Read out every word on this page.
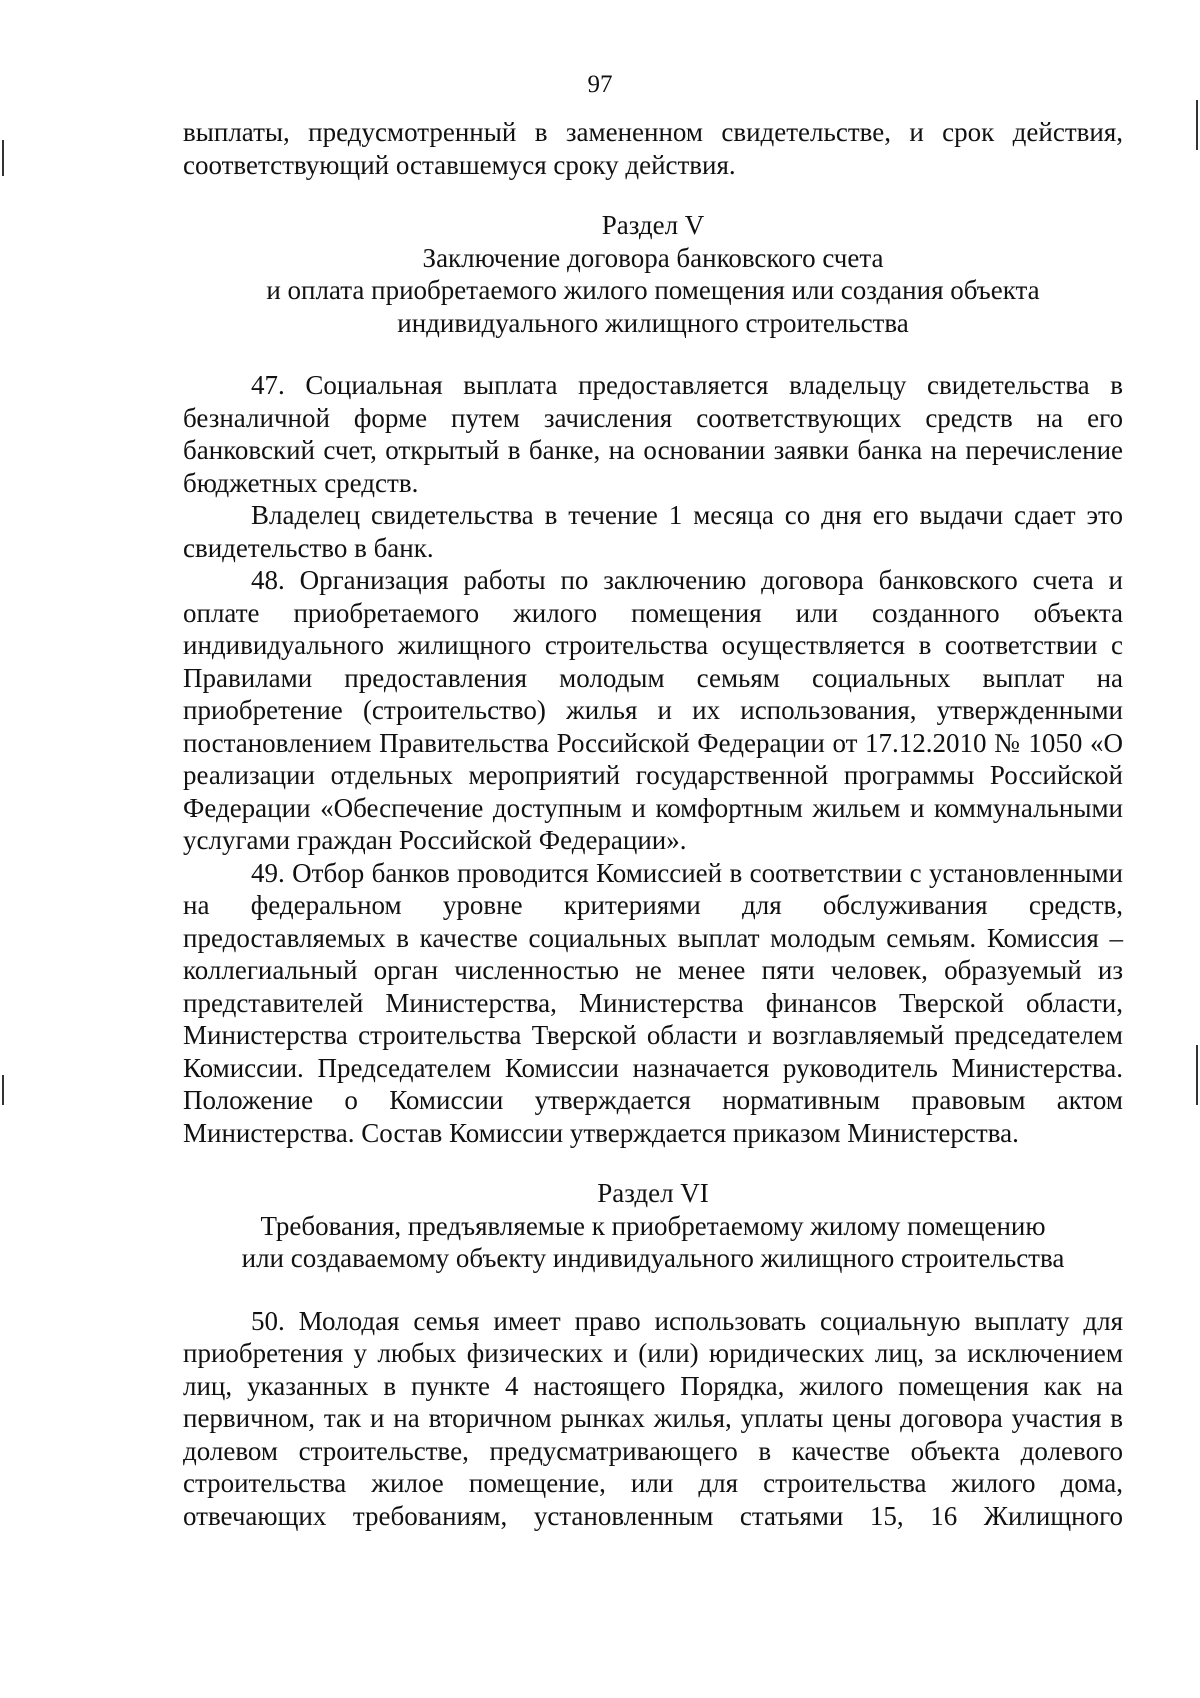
97

выплаты, предусмотренный в замененном свидетельстве, и срок действия, соответствующий оставшемуся сроку действия.

Раздел V

Заключение договора банковского счета

и оплата приобретаемого жилого помещения или создания объекта

индивидуального жилищного строительства

47. Социальная выплата предоставляется владельцу свидетельства в безналичной форме путем зачисления соответствующих средств на его банковский счет, открытый в банке, на основании заявки банка на перечисление бюджетных средств.

Владелец свидетельства в течение 1 месяца со дня его выдачи сдает это свидетельство в банк.

48. Организация работы по заключению договора банковского счета и оплате приобретаемого жилого помещения или созданного объекта индивидуального жилищного строительства осуществляется в соответствии с Правилами предоставления молодым семьям социальных выплат на приобретение (строительство) жилья и их использования, утвержденными постановлением Правительства Российской Федерации от 17.12.2010 № 1050 «О реализации отдельных мероприятий государственной программы Российской Федерации «Обеспечение доступным и комфортным жильем и коммунальными услугами граждан Российской Федерации».

49. Отбор банков проводится Комиссией в соответствии с установленными на федеральном уровне критериями для обслуживания средств, предоставляемых в качестве социальных выплат молодым семьям. Комиссия – коллегиальный орган численностью не менее пяти человек, образуемый из представителей Министерства, Министерства финансов Тверской области, Министерства строительства Тверской области и возглавляемый председателем Комиссии. Председателем Комиссии назначается руководитель Министерства. Положение о Комиссии утверждается нормативным правовым актом Министерства. Состав Комиссии утверждается приказом Министерства.

Раздел VI

Требования, предъявляемые к приобретаемому жилому помещению

или создаваемому объекту индивидуального жилищного строительства

50. Молодая семья имеет право использовать социальную выплату для приобретения у любых физических и (или) юридических лиц, за исключением лиц, указанных в пункте 4 настоящего Порядка, жилого помещения как на первичном, так и на вторичном рынках жилья, уплаты цены договора участия в долевом строительстве, предусматривающего в качестве объекта долевого строительства жилое помещение, или для строительства жилого дома, отвечающих требованиям, установленным статьями 15, 16 Жилищного
